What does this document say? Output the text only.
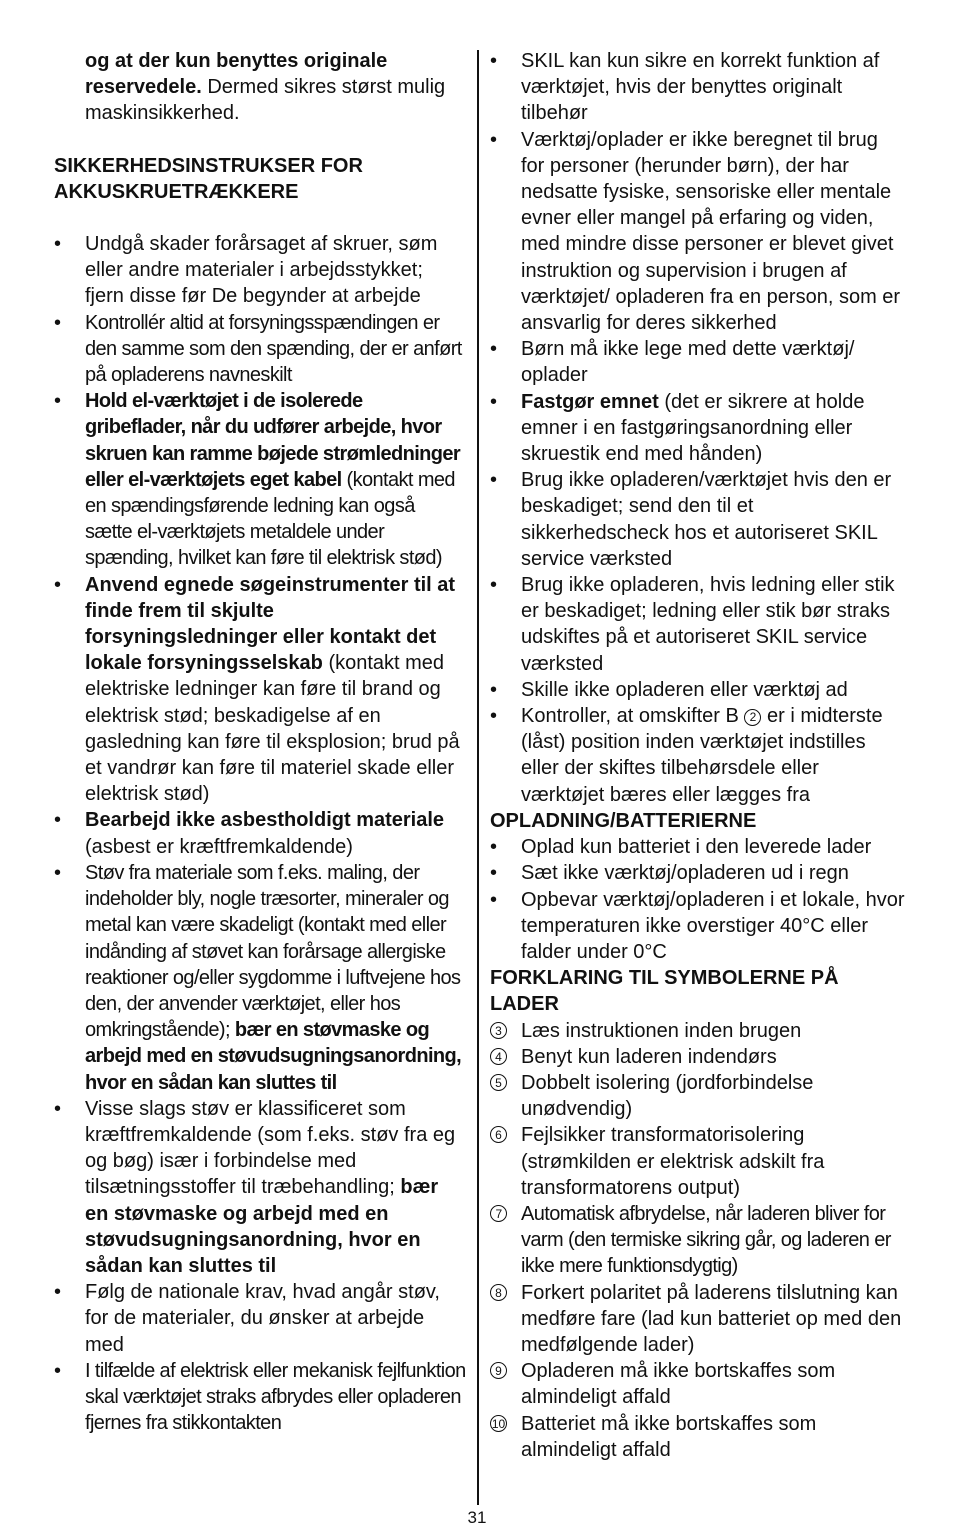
og at der kun benyttes originale reservedele. Dermed sikres størst mulig maskinsikkerhed.

SIKKERHEDSINSTRUKSER FOR AKKUSKRUETRÆKKERE

•	Undgå skader forårsaget af skruer, søm eller andre materialer i arbejdsstykket; fjern disse før De begynder at arbejde
•	Kontrollér altid at forsyningsspændingen er den samme som den spænding, der er anført på opladerens navneskilt
•	Hold el-værktøjet i de isolerede gribeflader, når du udfører arbejde, hvor skruen kan ramme bøjede strømledninger eller el-værktøjets eget kabel (kontakt med en spændingsførende ledning kan også sætte el-værktøjets metaldele under spænding, hvilket kan føre til elektrisk stød)
•	Anvend egnede søgeinstrumenter til at finde frem til skjulte forsyningsledninger eller kontakt det lokale forsyningsselskab (kontakt med elektriske ledninger kan føre til brand og elektrisk stød; beskadigelse af en gasledning kan føre til eksplosion; brud på et vandrør kan føre til materiel skade eller elektrisk stød)
•	Bearbejd ikke asbestholdigt materiale (asbest er kræftfremkaldende)
•	Støv fra materiale som f.eks. maling, der indeholder bly, nogle træsorter, mineraler og metal kan være skadeligt (kontakt med eller indånding af støvet kan forårsage allergiske reaktioner og/eller sygdomme i luftvejene hos den, der anvender værktøjet, eller hos omkringstående); bær en støvmaske og arbejd med en støvudsugningsanordning, hvor en sådan kan sluttes til
•	Visse slags støv er klassificeret som kræftfremkaldende (som f.eks. støv fra eg og bøg) især i forbindelse med tilsætningsstoffer til træbehandling; bær en støvmaske og arbejd med en støvudsugningsanordning, hvor en sådan kan sluttes til
•	Følg de nationale krav, hvad angår støv, for de materialer, du ønsker at arbejde med
•	I tilfælde af elektrisk eller mekanisk fejlfunktion skal værktøjet straks afbrydes eller opladeren fjernes fra stikkontakten
•	SKIL kan kun sikre en korrekt funktion af værktøjet, hvis der benyttes originalt tilbehør
•	Værktøj/oplader er ikke beregnet til brug for personer (herunder børn), der har nedsatte fysiske, sensoriske eller mentale evner eller mangel på erfaring og viden, med mindre disse personer er blevet givet instruktion og supervision i brugen af værktøjet/ opladeren fra en person, som er ansvarlig for deres sikkerhed
•	Børn må ikke lege med dette værktøj/ oplader
•	Fastgør emnet (det er sikrere at holde emner i en fastgøringsanordning eller skruestik end med hånden)
•	Brug ikke opladeren/værktøjet hvis den er beskadiget; send den til et sikkerhedscheck hos et autoriseret SKIL service værksted
•	Brug ikke opladeren, hvis ledning eller stik er beskadiget; ledning eller stik bør straks udskiftes på et autoriseret SKIL service værksted
•	Skille ikke opladeren eller værktøj ad
•	Kontroller, at omskifter B 2 er i midterste (låst) position inden værktøjet indstilles eller der skiftes tilbehørsdele eller værktøjet bæres eller lægges fra

OPLADNING/BATTERIERNE

•	Oplad kun batteriet i den leverede lader
•	Sæt ikke værktøj/opladeren ud i regn
•	Opbevar værktøj/opladeren i et lokale, hvor temperaturen ikke overstiger 40°C eller falder under 0°C

FORKLARING TIL SYMBOLERNE PÅ LADER

3 Læs instruktionen inden brugen
4 Benyt kun laderen indendørs
5 Dobbelt isolering (jordforbindelse unødvendig)
6 Fejlsikker transformatorisolering (strømkilden er elektrisk adskilt fra transformatorens output)
7 Automatisk afbrydelse, når laderen bliver for varm (den termiske sikring går, og laderen er ikke mere funktionsdygtig)
8 Forkert polaritet på laderens tilslutning kan medføre fare (lad kun batteriet op med den medfølgende lader)
9 Opladeren må ikke bortskaffes som almindeligt affald
10 Batteriet må ikke bortskaffes som almindeligt affald
31
